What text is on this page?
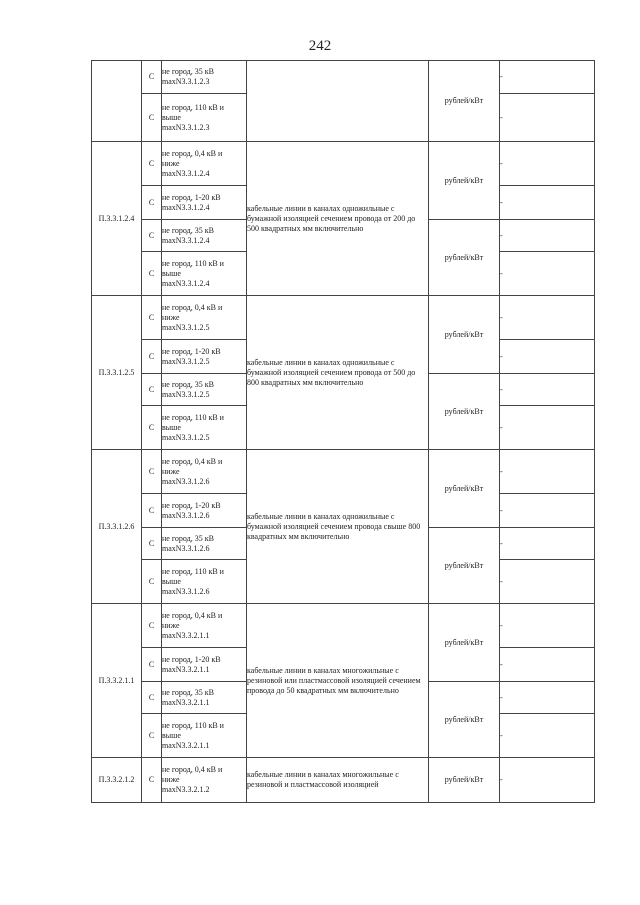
242
	С	не город, 35 кВ
maxN3.3.1.2.3		рублей/кВт	-
	С	не город, 110 кВ и
выше
maxN3.3.1.2.3			-
П.3.3.1.2.4	С	не город, 0,4 кВ и
ниже
maxN3.3.1.2.4	кабельные линии в каналах одножильные с бумажной изоляцией сечением провода от 200 до 500 квадратных мм включительно	рублей/кВт	-
	С	не город, 1-20 кВ
maxN3.3.1.2.4			-
	С	не город, 35 кВ
maxN3.3.1.2.4		рублей/кВт	-
	С	не город, 110 кВ и
выше
maxN3.3.1.2.4			-
П.3.3.1.2.5	С	не город, 0,4 кВ и
ниже
maxN3.3.1.2.5	кабельные линии в каналах одножильные с бумажной изоляцией сечением провода от 500 до 800 квадратных мм включительно	рублей/кВт	-
	С	не город, 1-20 кВ
maxN3.3.1.2.5			-
	С	не город, 35 кВ
maxN3.3.1.2.5		рублей/кВт	-
	С	не город, 110 кВ и
выше
maxN3.3.1.2.5			-
П.3.3.1.2.6	С	не город, 0,4 кВ и
ниже
maxN3.3.1.2.6	кабельные линии в каналах одножильные с бумажной изоляцией сечением провода свыше 800 квадратных мм включительно	рублей/кВт	-
	С	не город, 1-20 кВ
maxN3.3.1.2.6			-
	С	не город, 35 кВ
maxN3.3.1.2.6		рублей/кВт	-
	С	не город, 110 кВ и
выше
maxN3.3.1.2.6			-
П.3.3.2.1.1	С	не город, 0,4 кВ и
ниже
maxN3.3.2.1.1	кабельные линии в каналах многожильные с резиновой или пластмассовой изоляцией сечением провода до 50 квадратных мм включительно	рублей/кВт	-
	С	не город, 1-20 кВ
maxN3.3.2.1.1			-
	С	не город, 35 кВ
maxN3.3.2.1.1		рублей/кВт	-
	С	не город, 110 кВ и
выше
maxN3.3.2.1.1			-
П.3.3.2.1.2	С	не город, 0,4 кВ и
ниже
maxN3.3.2.1.2	кабельные линии в каналах многожильные с резиновой и пластмассовой изоляцией	рублей/кВт	-
